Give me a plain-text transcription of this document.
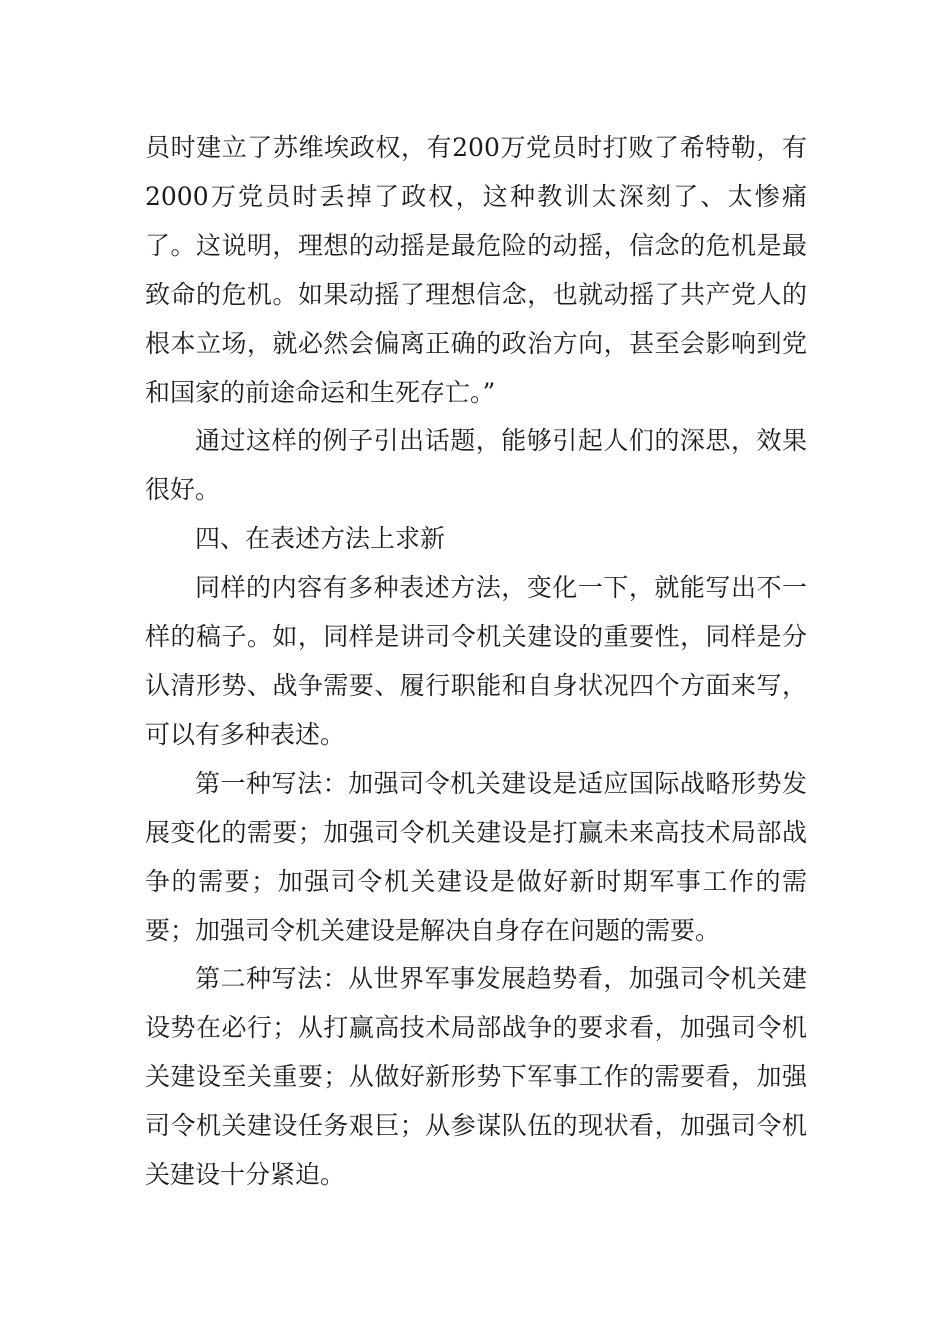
员时建立了苏维埃政权，有200万党员时打败了希特勒，有2000万党员时丢掉了政权，这种教训太深刻了、太惨痛了。这说明，理想的动摇是最危险的动摇，信念的危机是最致命的危机。如果动摇了理想信念，也就动摇了共产党人的根本立场，就必然会偏离正确的政治方向，甚至会影响到党和国家的前途命运和生死存亡。”

通过这样的例子引出话题，能够引起人们的深思，效果很好。

四、在表述方法上求新

同样的内容有多种表述方法，变化一下，就能写出不一样的稿子。如，同样是讲司令机关建设的重要性，同样是分认清形势、战争需要、履行职能和自身状况四个方面来写，可以有多种表述。

第一种写法：加强司令机关建设是适应国际战略形势发展变化的需要；加强司令机关建设是打赢未来高技术局部战争的需要；加强司令机关建设是做好新时期军事工作的需要；加强司令机关建设是解决自身存在问题的需要。

第二种写法：从世界军事发展趋势看，加强司令机关建设势在必行；从打赢高技术局部战争的要求看，加强司令机关建设至关重要；从做好新形势下军事工作的需要看，加强司令机关建设任务艰巨；从参谋队伍的现状看，加强司令机关建设十分紧迫。
